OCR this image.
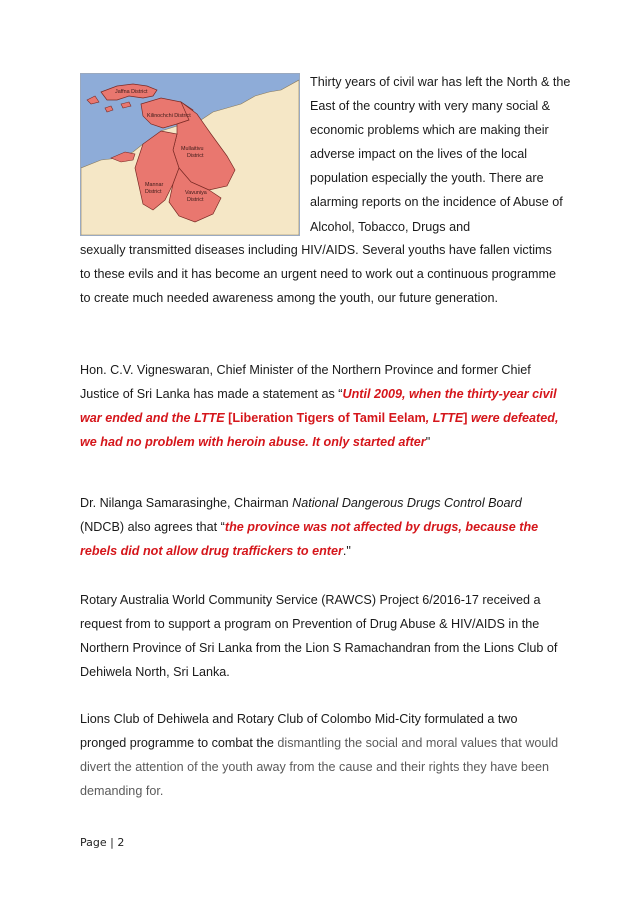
Jaffna District
Kilinochchi District
Mullaitivu
District
Mannar
District	Vavuniya
District

Thirty years of civil war has left the North & the East of the country with very many social & economic problems which are making their adverse impact on the lives of the local population especially the youth. There are alarming reports on the incidence of Abuse of Alcohol, Tobacco, Drugs and

sexually transmitted diseases including HIV/AIDS. Several youths have fallen victims to these evils and it has become an urgent need to work out a continuous programme to create much needed awareness among the youth, our future generation.

Hon. C.V. Vigneswaran, Chief Minister of the Northern Province and former Chief Justice of Sri Lanka has made a statement as “Until 2009, when the thirty-year civil war ended and the LTTE [Liberation Tigers of Tamil Eelam, LTTE] were defeated, we had no problem with heroin abuse. It only started after"

Dr. Nilanga Samarasinghe, Chairman National Dangerous Drugs Control Board (NDCB) also agrees that “the province was not affected by drugs, because the rebels did not allow drug traffickers to enter."

Rotary Australia World Community Service (RAWCS) Project 6/2016-17 received a request from to support a program on Prevention of Drug Abuse & HIV/AIDS in the Northern Province of Sri Lanka from the Lion S Ramachandran from the Lions Club of Dehiwela North, Sri Lanka.

Lions Club of Dehiwela and Rotary Club of Colombo Mid-City formulated a two pronged programme to combat the dismantling the social and moral values that would divert the attention of the youth away from the cause and their rights they have been demanding for.

Page | 2
